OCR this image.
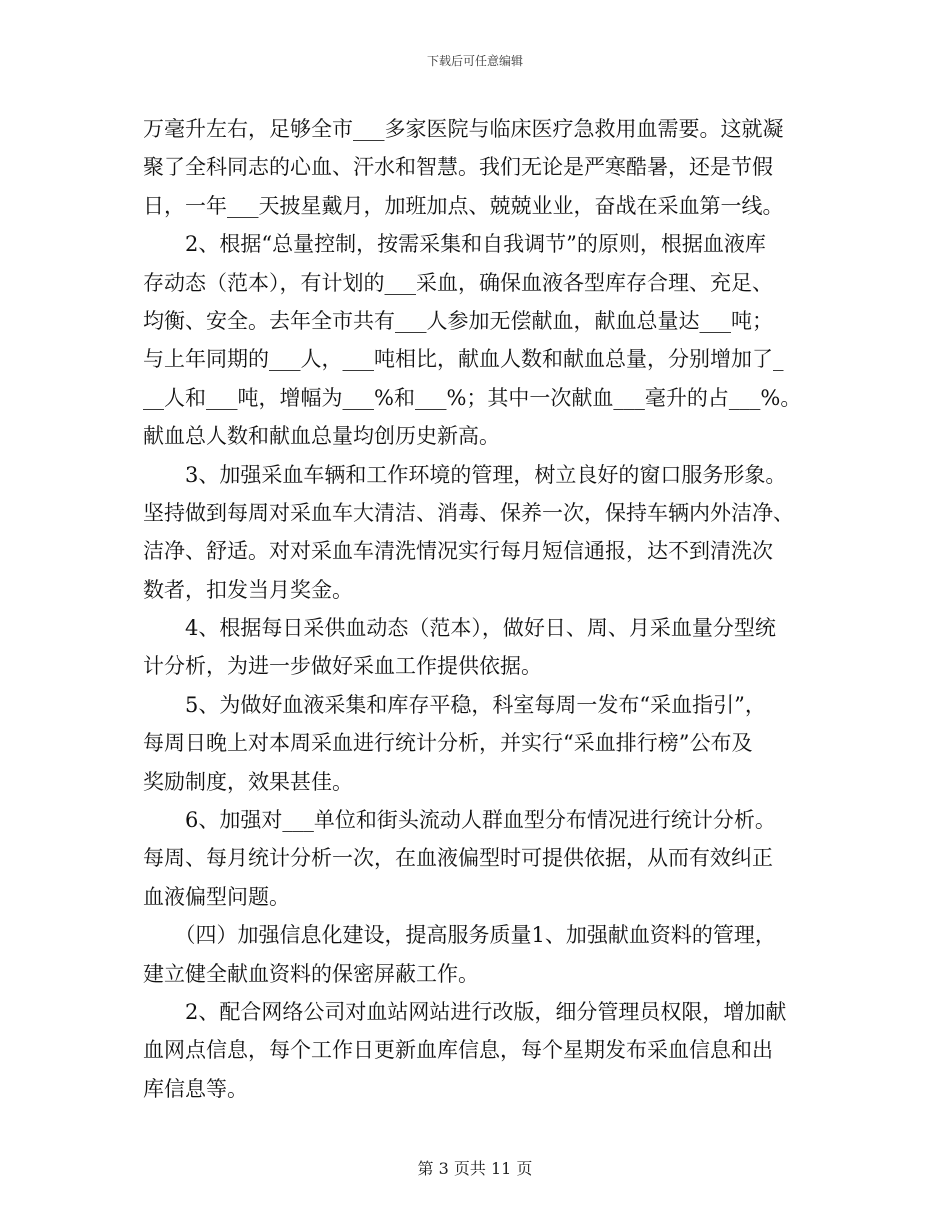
下载后可任意编辑
万毫升左右，足够全市___多家医院与临床医疗急救用血需要。这就凝
聚了全科同志的心血、汗水和智慧。我们无论是严寒酷暑，还是节假
日，一年___天披星戴月，加班加点、兢兢业业，奋战在采血第一线。
　　2、根据“总量控制，按需采集和自我调节”的原则，根据血液库
存动态（范本），有计划的___采血，确保血液各型库存合理、充足、
均衡、安全。去年全市共有___人参加无偿献血，献血总量达___吨；
与上年同期的___人，___吨相比，献血人数和献血总量，分别增加了_
__人和___吨，增幅为___%和___%；其中一次献血___毫升的占___%。
献血总人数和献血总量均创历史新高。
　　3、加强采血车辆和工作环境的管理，树立良好的窗口服务形象。
坚持做到每周对采血车大清洁、消毒、保养一次，保持车辆内外洁净、
洁净、舒适。对对采血车清洗情况实行每月短信通报，达不到清洗次
数者，扣发当月奖金。
　　4、根据每日采供血动态（范本），做好日、周、月采血量分型统
计分析，为进一步做好采血工作提供依据。
　　5、为做好血液采集和库存平稳，科室每周一发布“采血指引”，
每周日晚上对本周采血进行统计分析，并实行“采血排行榜”公布及
奖励制度，效果甚佳。
　　6、加强对___单位和街头流动人群血型分布情况进行统计分析。
每周、每月统计分析一次，在血液偏型时可提供依据，从而有效纠正
血液偏型问题。
　　（四）加强信息化建设，提高服务质量1、加强献血资料的管理，
建立健全献血资料的保密屏蔽工作。
　　2、配合网络公司对血站网站进行改版，细分管理员权限，增加献
血网点信息，每个工作日更新血库信息，每个星期发布采血信息和出
库信息等。
第 3 页共 11 页
